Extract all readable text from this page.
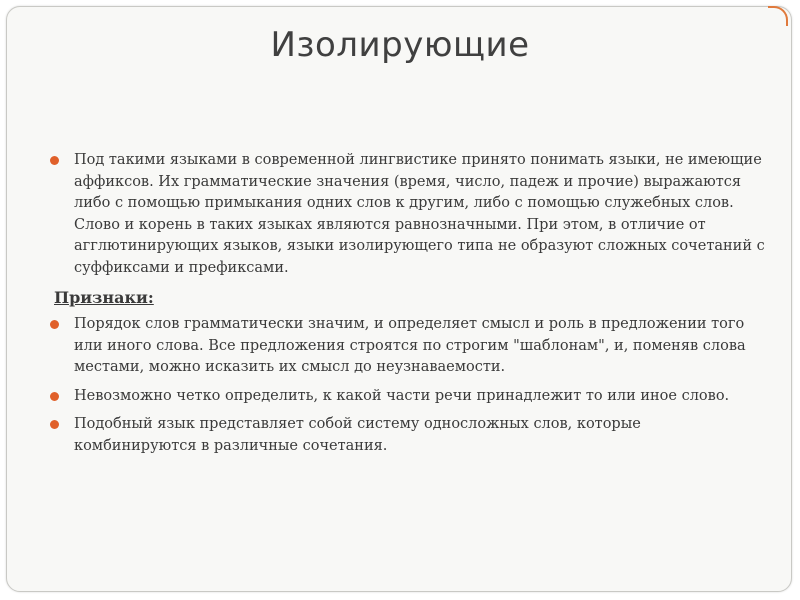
Изолирующие
Под такими языками в современной лингвистике принято понимать языки, не имеющие аффиксов. Их грамматические значения (время, число, падеж и прочие) выражаются либо с помощью примыкания одних слов к другим, либо с помощью служебных слов. Слово и корень в таких языках являются равнозначными. При этом, в отличие от агглютинирующих языков, языки изолирующего типа не образуют сложных сочетаний с суффиксами и префиксами.
Признаки:
Порядок слов грамматически значим, и определяет смысл и роль в предложении того или иного слова. Все предложения строятся по строгим "шаблонам", и, поменяв слова местами, можно исказить их смысл до неузнаваемости.
Невозможно четко определить, к какой части речи принадлежит то или иное слово.
Подобный язык представляет собой систему односложных слов, которые комбинируются в различные сочетания.
